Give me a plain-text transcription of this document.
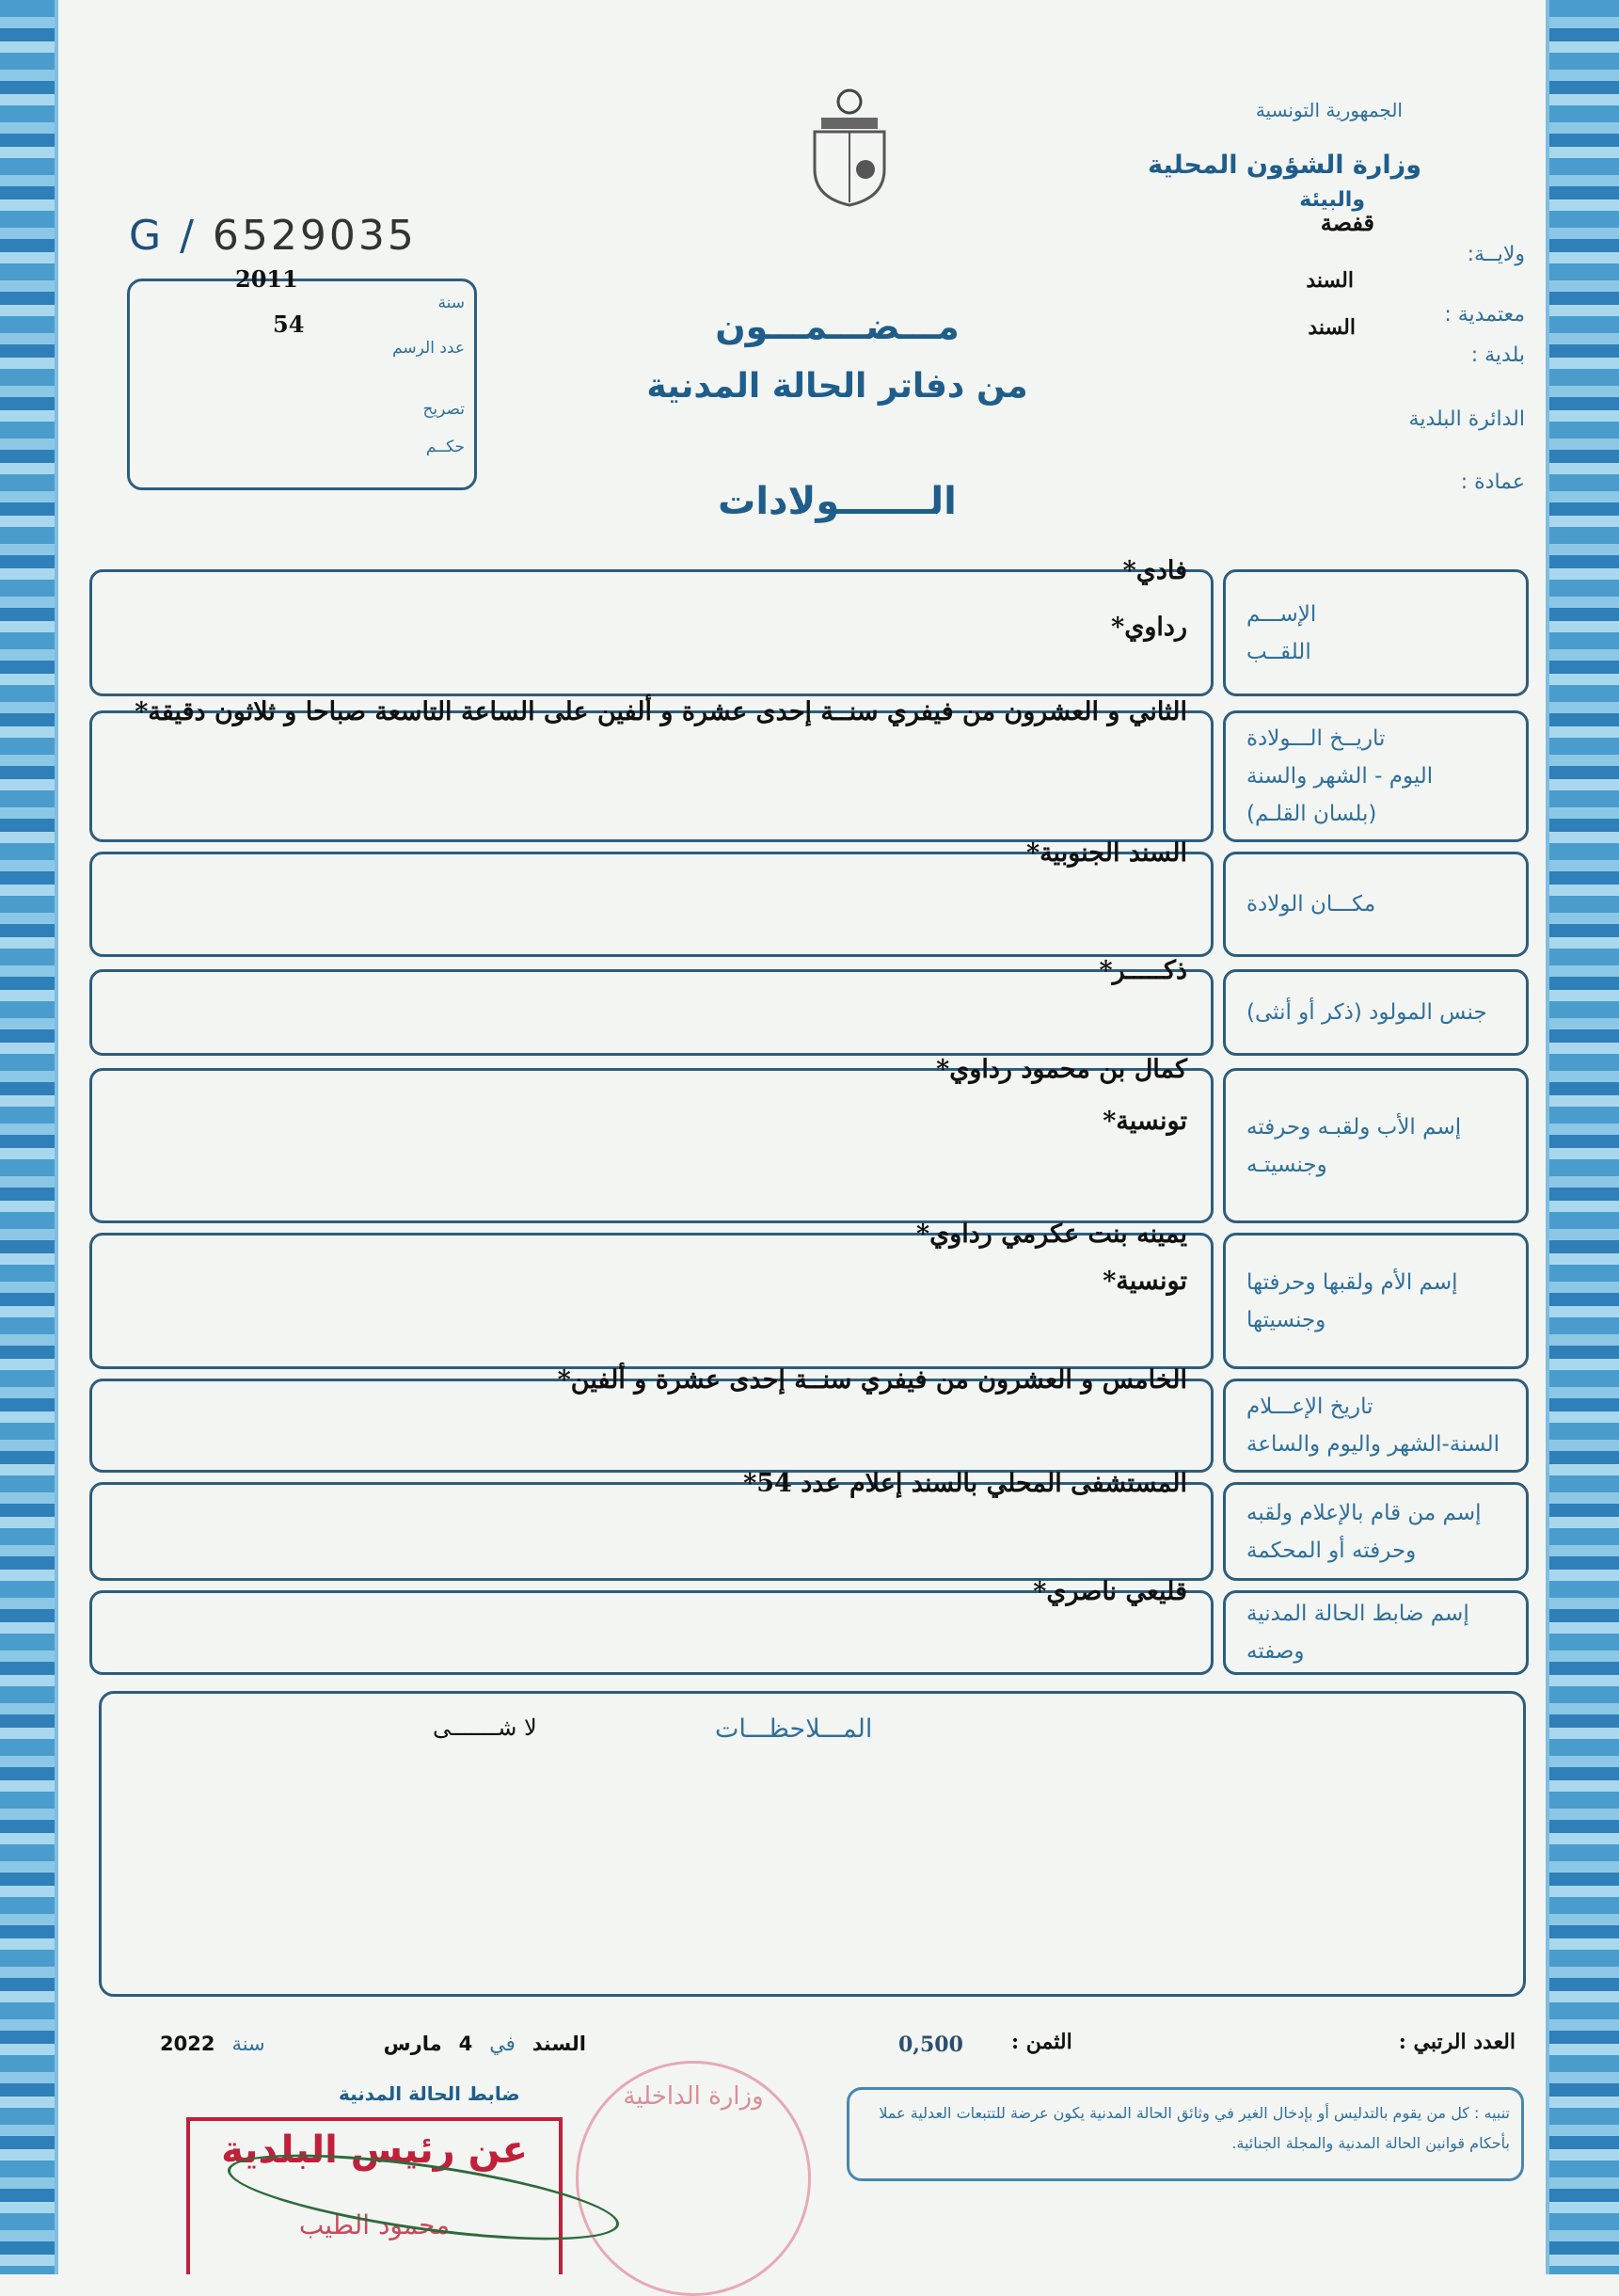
الجمهورية التونسية
وزارة الشؤون المحلية
والبيئة
قفصة
ولايــة:
السند
معتمدية :
السند
بلدية :
الدائرة البلدية
عمادة :
G / 6529035
2011
54
سنة
عدد الرسم
تصريح
حكــم
مـــضـــمـــون
من دفاتر الحالة المدنية
الـــــــولادات
الإســـم
اللقــب
فادي*
رداوي*
تاريــخ الـــولادة
اليوم - الشهر والسنة
(بلسان القلـم)
الثاني و العشرون من فيفري سنــة إحدى عشرة و ألفين على الساعة التاسعة صباحا و ثلاثون دقيقة*
مكـــان الولادة
السند الجنوبية*
جنس المولود (ذكر أو أنثى)
ذكـــــر*
إسم الأب ولقبـه وحرفته
وجنسيتـه
كمال بن محمود رداوي*
تونسية*
إسم الأم ولقبها وحرفتها
وجنسيتها
يمينه بنت عكرمي رداوي*
تونسية*
تاريخ الإعـــلام
السنة-الشهر واليوم والساعة
الخامس و العشرون من فيفري سنــة إحدى عشرة و ألفين*
إسم من قام بالإعلام ولقبه
وحرفته أو المحكمة
المستشفى المحلي بالسند إعلام عدد 54*
إسم ضابط الحالة المدنية
وصفته
قليعي ناصري*
المـــلاحظـــات
لا شـــــــى
العدد الرتبي :
الثمن :
0,500
السند
في
4
مارس
سنة
2022
ضابط الحالة المدنية
تنبيه : كل من يقوم بالتدليس أو بإدخال الغير في وثائق الحالة المدنية يكون عرضة للتتبعات العدلية عملا بأحكام قوانين الحالة المدنية والمجلة الجنائية.
عن رئيس البلدية
محمود الطيب
وزارة الداخلية
